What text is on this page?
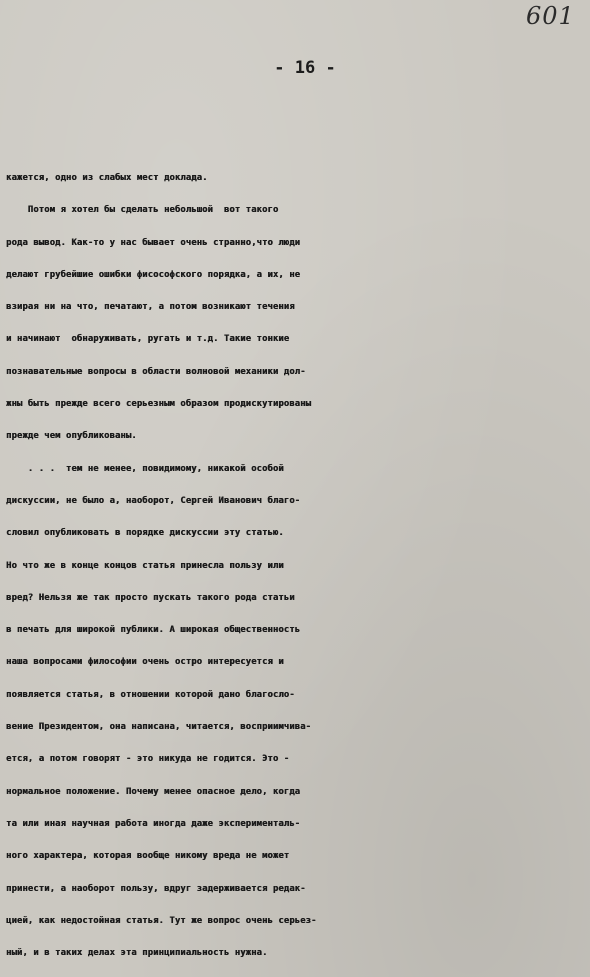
601
- 16 -
кажется, одно из слабых мест доклада.
Потом я хотел бы сделать небольшой  вот такого
рода вывод. Как-то у нас бывает очень странно,что люди
делают грубейшие ошибки фисософского порядка, а их, не
взирая ни на что, печатают, а потом возникают течения
и начинают  обнаруживать, ругать и т.д. Такие тонкие
познавательные вопросы в области волновой механики дол-
жны быть прежде всего серьезным образом продискутированы
прежде чем опубликованы.
. . .  тем не менее, повидимому, никакой особой
дискуссии, не было а, наоборот, Сергей Иванович благо-
словил опубликовать в порядке дискуссии эту статью.
Но что же в конце концов статья принесла пользу или
вред? Нельзя же так просто пускать такого рода статьи
в печать для широкой публики. А широкая общественность
наша вопросами философии очень остро интересуется и
появляется статья, в отношении которой дано благосло-
вение Президентом, она написана, читается, восприимчива-
ется, а потом говорят - это никуда не годится. Это -
нормальное положение. Почему менее опасное дело, когда
та или иная научная работа иногда даже эксперименталь-
ного характера, которая вообще никому вреда не может
принести, а наоборот пользу, вдруг задерживается редак-
цией, как недостойная статья. Тут же вопрос очень серьез-
ный, и в таких делах эта принципиальность нужна.
